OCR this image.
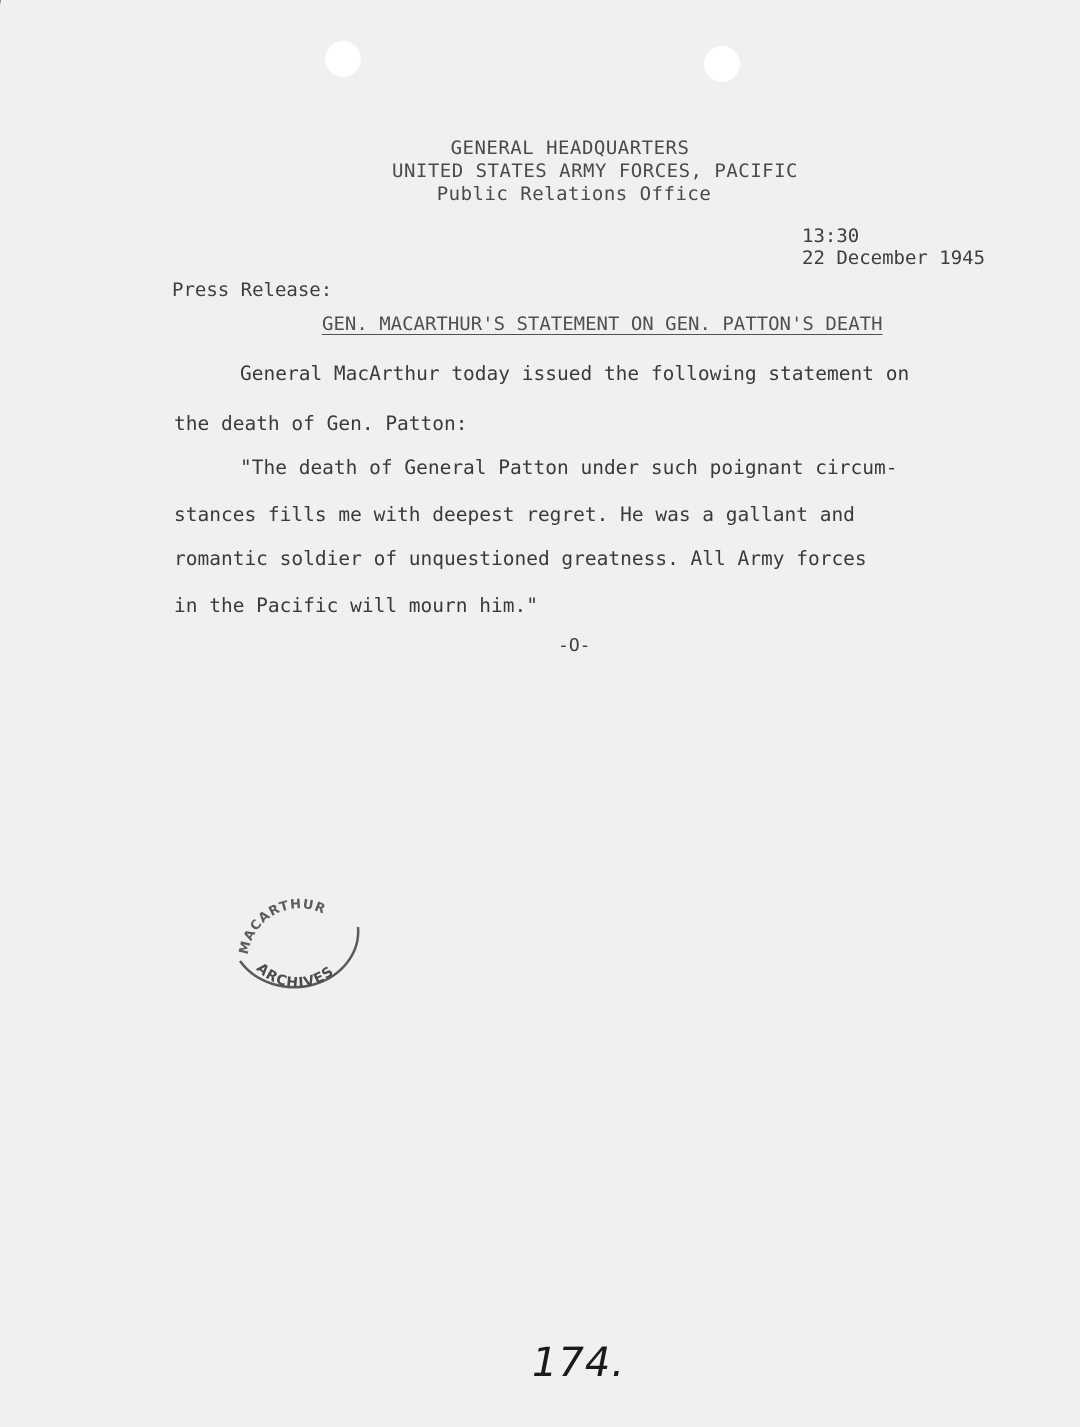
GENERAL HEADQUARTERS
UNITED STATES ARMY FORCES, PACIFIC
Public Relations Office
13:30
22 December 1945
Press Release:
GEN. MACARTHUR'S STATEMENT ON GEN. PATTON'S DEATH
General MacArthur today issued the following statement on
the death of Gen. Patton:
"The death of General Patton under such poignant circum-
stances fills me with deepest regret. He was a gallant and
romantic soldier of unquestioned greatness. All Army forces
in the Pacific will mourn him."
-O-
MACARTHUR
ARCHIVES
174.
